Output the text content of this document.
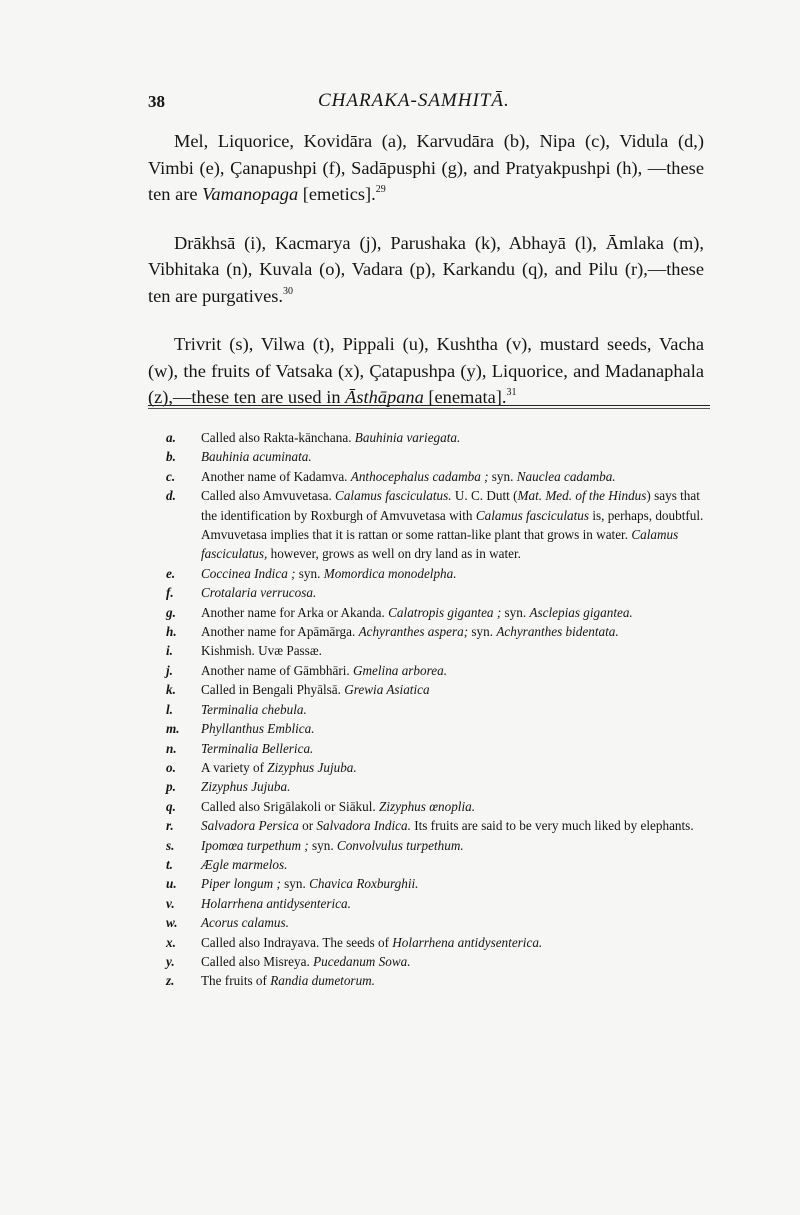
38	CHARAKA-SAMHITĀ.

Mel, Liquorice, Kovidāra (a), Karvudāra (b), Nipa (c), Vidula (d,) Vimbi (e), Çanapushpi (f), Sadāpusphi (g), and Pratyakpushpi (h), —these ten are Vamanopaga [emetics].$^{29}$

Drākhsā (i), Kacmarya (j), Parushaka (k), Abhayā (l), Āmlaka (m), Vibhitaka (n), Kuvala (o), Vadara (p), Karkandu (q), and Pilu (r),—these ten are purgatives.$^{30}$

Trivrit (s), Vilwa (t), Pippali (u), Kushtha (v), mustard seeds, Vacha (w), the fruits of Vatsaka (x), Çatapushpa (y), Liquorice, and Madanaphala (z),—these ten are used in Āsthāpana [enemata].$^{31}$

a.	Called also Rakta-kānchana. Bauhinia variegata.
b.	Bauhinia acuminata.
c.	Another name of Kadamva. Anthocephalus cadamba ; syn. Nauclea cadamba.
d.	Called also Amvuvetasa. Calamus fasciculatus. U. C. Dutt (Mat. Med. of the Hindus) says that the identification by Roxburgh of Amvuvetasa with Calamus fasciculatus is, perhaps, doubtful. Amvuvetasa implies that it is rattan or some rattan-like plant that grows in water. Calamus fasciculatus, however, grows as well on dry land as in water.
e.	Coccinea Indica ; syn. Momordica monodelpha.
f.	Crotalaria verrucosa.
g.	Another name for Arka or Akanda. Calatropis gigantea ; syn. Asclepias gigantea.
h.	Another name for Apāmārga. Achyranthes aspera; syn. Achyranthes bidentata.
i.	Kishmish. Uvæ Passæ.
j.	Another name of Gāmbhāri. Gmelina arborea.
k.	Called in Bengali Phyālsā. Grewia Asiatica
l.	Terminalia chebula.
m.	Phyllanthus Emblica.
n.	Terminalia Bellerica.
o.	A variety of Zizyphus Jujuba.
p.	Zizyphus Jujuba.
q.	Called also Srigālakoli or Siākul. Zizyphus œnoplia.
r.	Salvadora Persica or Salvadora Indica. Its fruits are said to be very much liked by elephants.
s.	Ipomœa turpethum ; syn. Convolvulus turpethum.
t.	Ægle marmelos.
u.	Piper longum ; syn. Chavica Roxburghii.
v.	Holarrhena antidysenterica.
w.	Acorus calamus.
x.	Called also Indrayava. The seeds of Holarrhena antidysenterica.
y.	Called also Misreya. Pucedanum Sowa.
z.	The fruits of Randia dumetorum.
